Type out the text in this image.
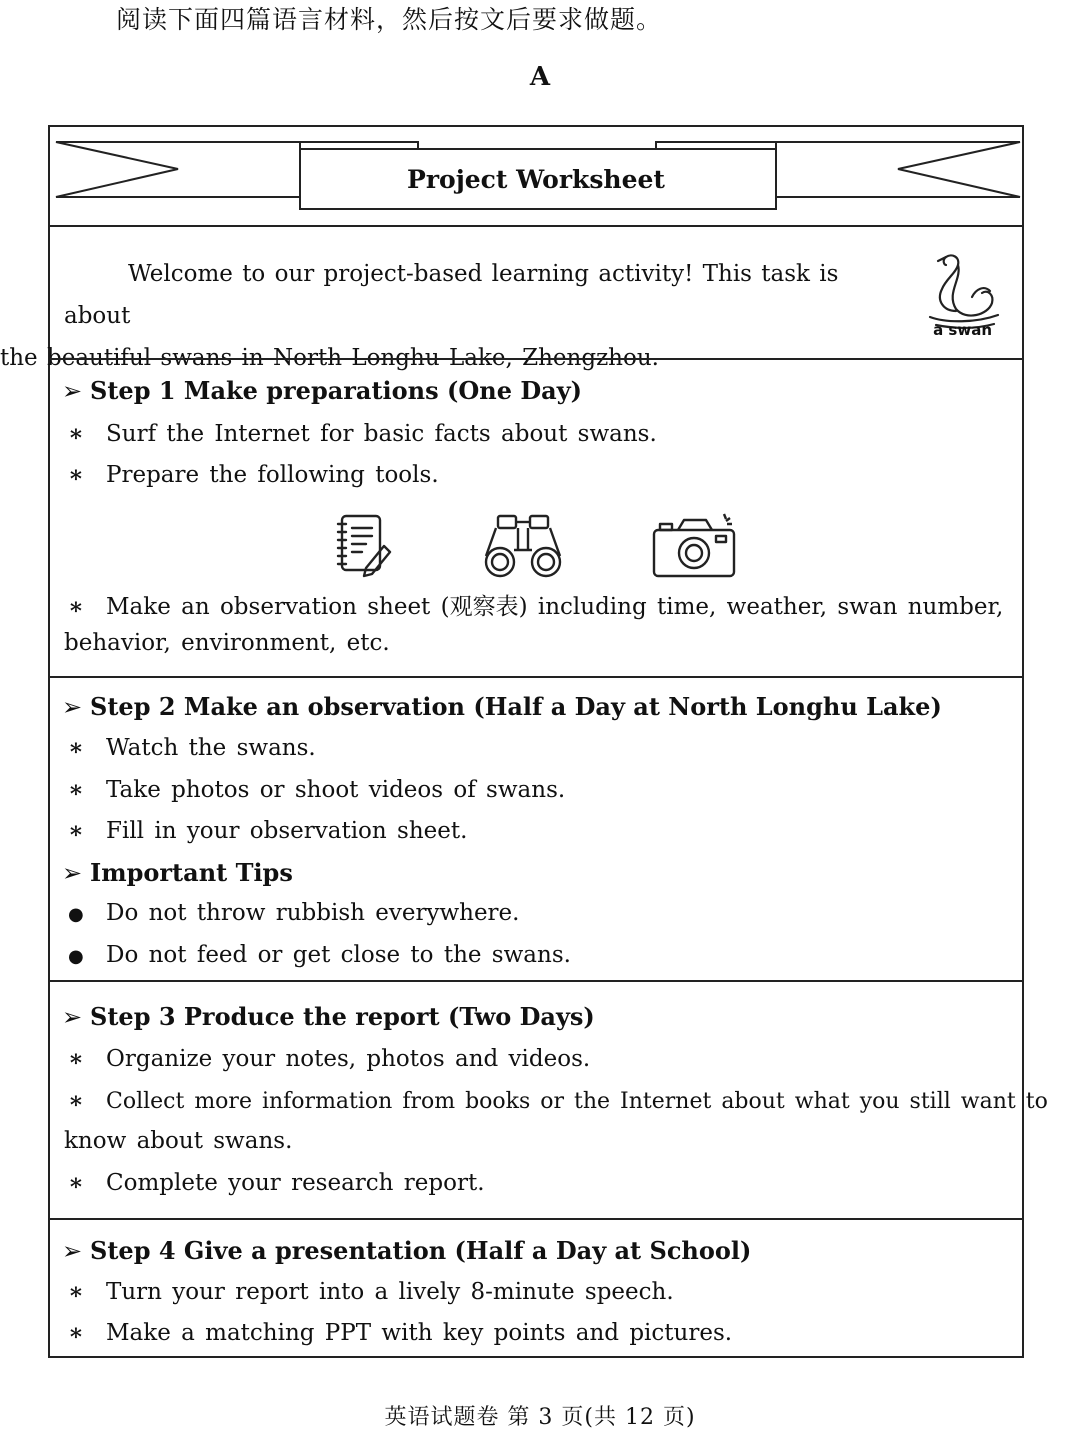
阅读下面四篇语言材料，然后按文后要求做题。
A
Project Worksheet

Welcome to our project-based learning activity! This task is about
the beautiful swans in North Longhu Lake, Zhengzhou.

a swan
➢ Step 1 Make preparations (One Day)
∗ Surf the Internet for basic facts about swans.
∗ Prepare the following tools.
∗ Make an observation sheet (观察表) including time, weather, swan number,
behavior, environment, etc.
➢ Step 2 Make an observation (Half a Day at North Longhu Lake)
∗ Watch the swans.
∗ Take photos or shoot videos of swans.
∗ Fill in your observation sheet.
➢ Important Tips
● Do not throw rubbish everywhere.
● Do not feed or get close to the swans.
➢ Step 3 Produce the report (Two Days)
∗ Organize your notes, photos and videos.
∗ Collect more information from books or the Internet about what you still want to
know about swans.
∗ Complete your research report.
➢ Step 4 Give a presentation (Half a Day at School)
∗ Turn your report into a lively 8-minute speech.
∗ Make a matching PPT with key points and pictures.
英语试题卷 第 3 页(共 12 页)
